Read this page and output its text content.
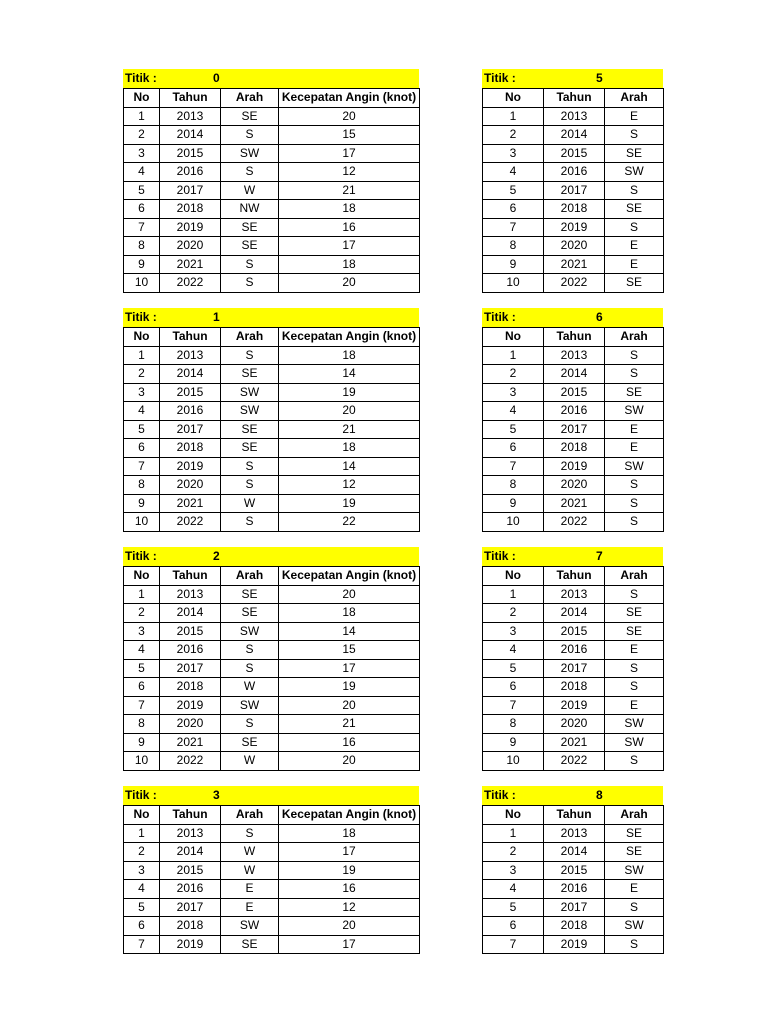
Titik :	0
No	Tahun	Arah	Kecepatan Angin (knot)
1	2013	SE	20
2	2014	S	15
3	2015	SW	17
4	2016	S	12
5	2017	W	21
6	2018	NW	18
7	2019	SE	16
8	2020	SE	17
9	2021	S	18
10	2022	S	20
Titik :	1
No	Tahun	Arah	Kecepatan Angin (knot)
1	2013	S	18
2	2014	SE	14
3	2015	SW	19
4	2016	SW	20
5	2017	SE	21
6	2018	SE	18
7	2019	S	14
8	2020	S	12
9	2021	W	19
10	2022	S	22
Titik :	2
No	Tahun	Arah	Kecepatan Angin (knot)
1	2013	SE	20
2	2014	SE	18
3	2015	SW	14
4	2016	S	15
5	2017	S	17
6	2018	W	19
7	2019	SW	20
8	2020	S	21
9	2021	SE	16
10	2022	W	20
Titik :	3
No	Tahun	Arah	Kecepatan Angin (knot)
1	2013	S	18
2	2014	W	17
3	2015	W	19
4	2016	E	16
5	2017	E	12
6	2018	SW	20
7	2019	SE	17
Titik :	5
No	Tahun	Arah
1	2013	E
2	2014	S
3	2015	SE
4	2016	SW
5	2017	S
6	2018	SE
7	2019	S
8	2020	E
9	2021	E
10	2022	SE
Titik :	6
No	Tahun	Arah
1	2013	S
2	2014	S
3	2015	SE
4	2016	SW
5	2017	E
6	2018	E
7	2019	SW
8	2020	S
9	2021	S
10	2022	S
Titik :	7
No	Tahun	Arah
1	2013	S
2	2014	SE
3	2015	SE
4	2016	E
5	2017	S
6	2018	S
7	2019	E
8	2020	SW
9	2021	SW
10	2022	S
Titik :	8
No	Tahun	Arah
1	2013	SE
2	2014	SE
3	2015	SW
4	2016	E
5	2017	S
6	2018	SW
7	2019	S
